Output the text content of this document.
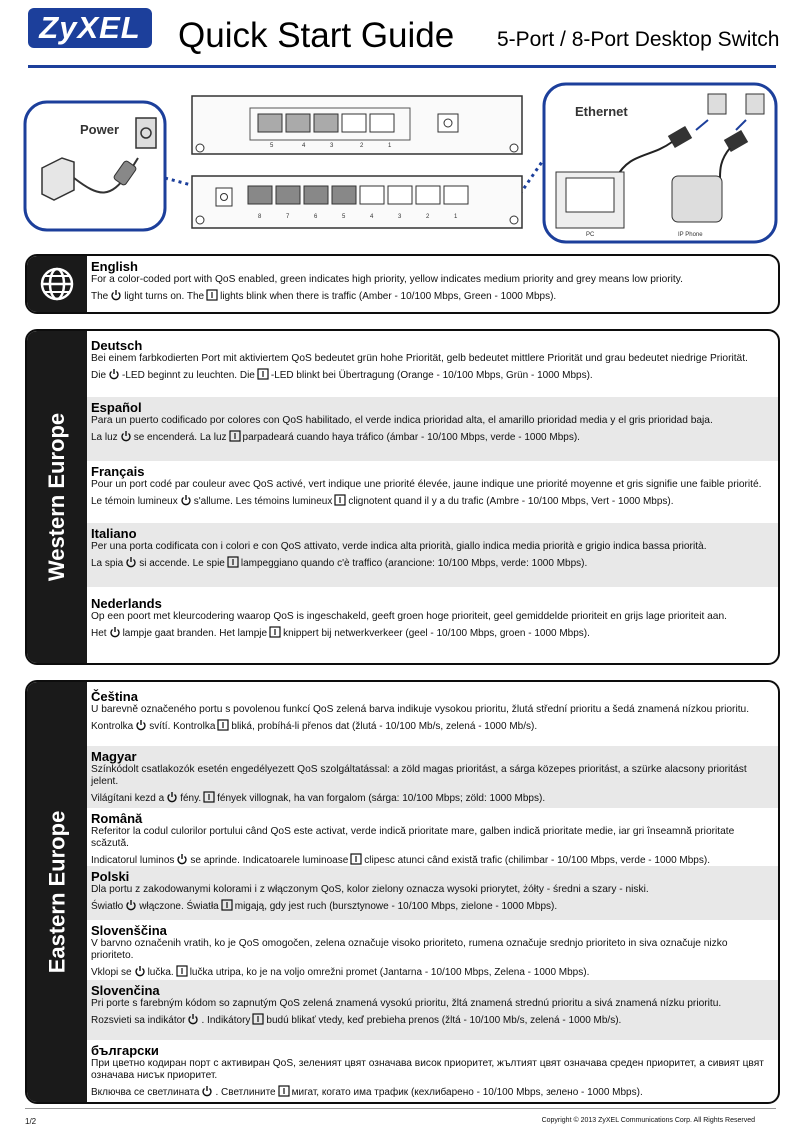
ZyXEL	Quick Start Guide 5-Port / 8-Port Desktop Switch
Power
5	4	3	2	1
8	7	6	5	4	3	2	1
Ethernet
PC	IP Phone
English
For a color-coded port with QoS enabled, green indicates high priority, yellow indicates medium priority and grey means low priority.
The light turns on. The lights blink when there is traffic (Amber - 10/100 Mbps, Green - 1000 Mbps).
Western Europe
Deutsch
Bei einem farbkodierten Port mit aktiviertem QoS bedeutet grün hohe Priorität, gelb bedeutet mittlere Priorität und grau bedeutet niedrige Priorität.
Die -LED beginnt zu leuchten. Die -LED blinkt bei Übertragung (Orange - 10/100 Mbps, Grün - 1000 Mbps).
Español
Para un puerto codificado por colores con QoS habilitado, el verde indica prioridad alta, el amarillo prioridad media y el gris prioridad baja.
La luz se encenderá. La luz parpadeará cuando haya tráfico (ámbar - 10/100 Mbps, verde - 1000 Mbps).
Français
Pour un port codé par couleur avec QoS activé, vert indique une priorité élevée, jaune indique une priorité moyenne et gris signifie une faible priorité.
Le témoin lumineux s'allume. Les témoins lumineux clignotent quand il y a du trafic (Ambre - 10/100 Mbps, Vert - 1000 Mbps).
Italiano
Per una porta codificata con i colori e con QoS attivato, verde indica alta priorità, giallo indica media priorità e grigio indica bassa priorità.
La spia si accende. Le spie lampeggiano quando c'è traffico (arancione: 10/100 Mbps, verde: 1000 Mbps).
Nederlands
Op een poort met kleurcodering waarop QoS is ingeschakeld, geeft groen hoge prioriteit, geel gemiddelde prioriteit en grijs lage prioriteit aan.
Het lampje gaat branden. Het lampje knippert bij netwerkverkeer (geel - 10/100 Mbps, groen - 1000 Mbps).
Eastern Europe
Čeština
U barevně označeného portu s povolenou funkcí QoS zelená barva indikuje vysokou prioritu, žlutá střední prioritu a šedá znamená nízkou prioritu.
Kontrolka svítí. Kontrolka bliká, probíhá-li přenos dat (žlutá - 10/100 Mb/s, zelená - 1000 Mb/s).
Magyar
Színkódolt csatlakozók esetén engedélyezett QoS szolgáltatással: a zöld magas prioritást, a sárga közepes prioritást, a szürke alacsony prioritást jelent.
Világítani kezd a fény. fények villognak, ha van forgalom (sárga: 10/100 Mbps; zöld: 1000 Mbps).
Română
Referitor la codul culorilor portului când QoS este activat, verde indică prioritate mare, galben indică prioritate medie, iar gri înseamnă prioritate scăzută.
Indicatorul luminos se aprinde. Indicatoarele luminoase clipesc atunci când există trafic (chilimbar - 10/100 Mbps, verde - 1000 Mbps).
Polski
Dla portu z zakodowanymi kolorami i z włączonym QoS, kolor zielony oznacza wysoki priorytet, żółty - średni a szary - niski.
Światło włączone. Światła migają, gdy jest ruch (bursztynowe - 10/100 Mbps, zielone - 1000 Mbps).
Slovenščina
V barvno označenih vratih, ko je QoS omogočen, zelena označuje visoko prioriteto, rumena označuje srednjo prioriteto in siva označuje nizko prioriteto.
Vklopi se lučka. lučka utripa, ko je na voljo omrežni promet (Jantarna - 10/100 Mbps, Zelena - 1000 Mbps).
Slovenčina
Pri porte s farebným kódom so zapnutým QoS zelená znamená vysokú prioritu, žltá znamená strednú prioritu a sivá znamená nízku prioritu.
Rozsvieti sa indikátor . Indikátory budú blikať vtedy, keď prebieha prenos (žltá - 10/100 Mb/s, zelená - 1000 Mb/s).
български
При цветно кодиран порт с активиран QoS, зеленият цвят означава висок приоритет, жълтият цвят означава среден приоритет, а сивият цвят означава нисък приоритет.
Включва се светлината . Светлините мигат, когато има трафик (кехлибарено - 10/100 Mbps, зелено - 1000 Mbps).
1/2	Copyright © 2013 ZyXEL Communications Corp. All Rights Reserved
